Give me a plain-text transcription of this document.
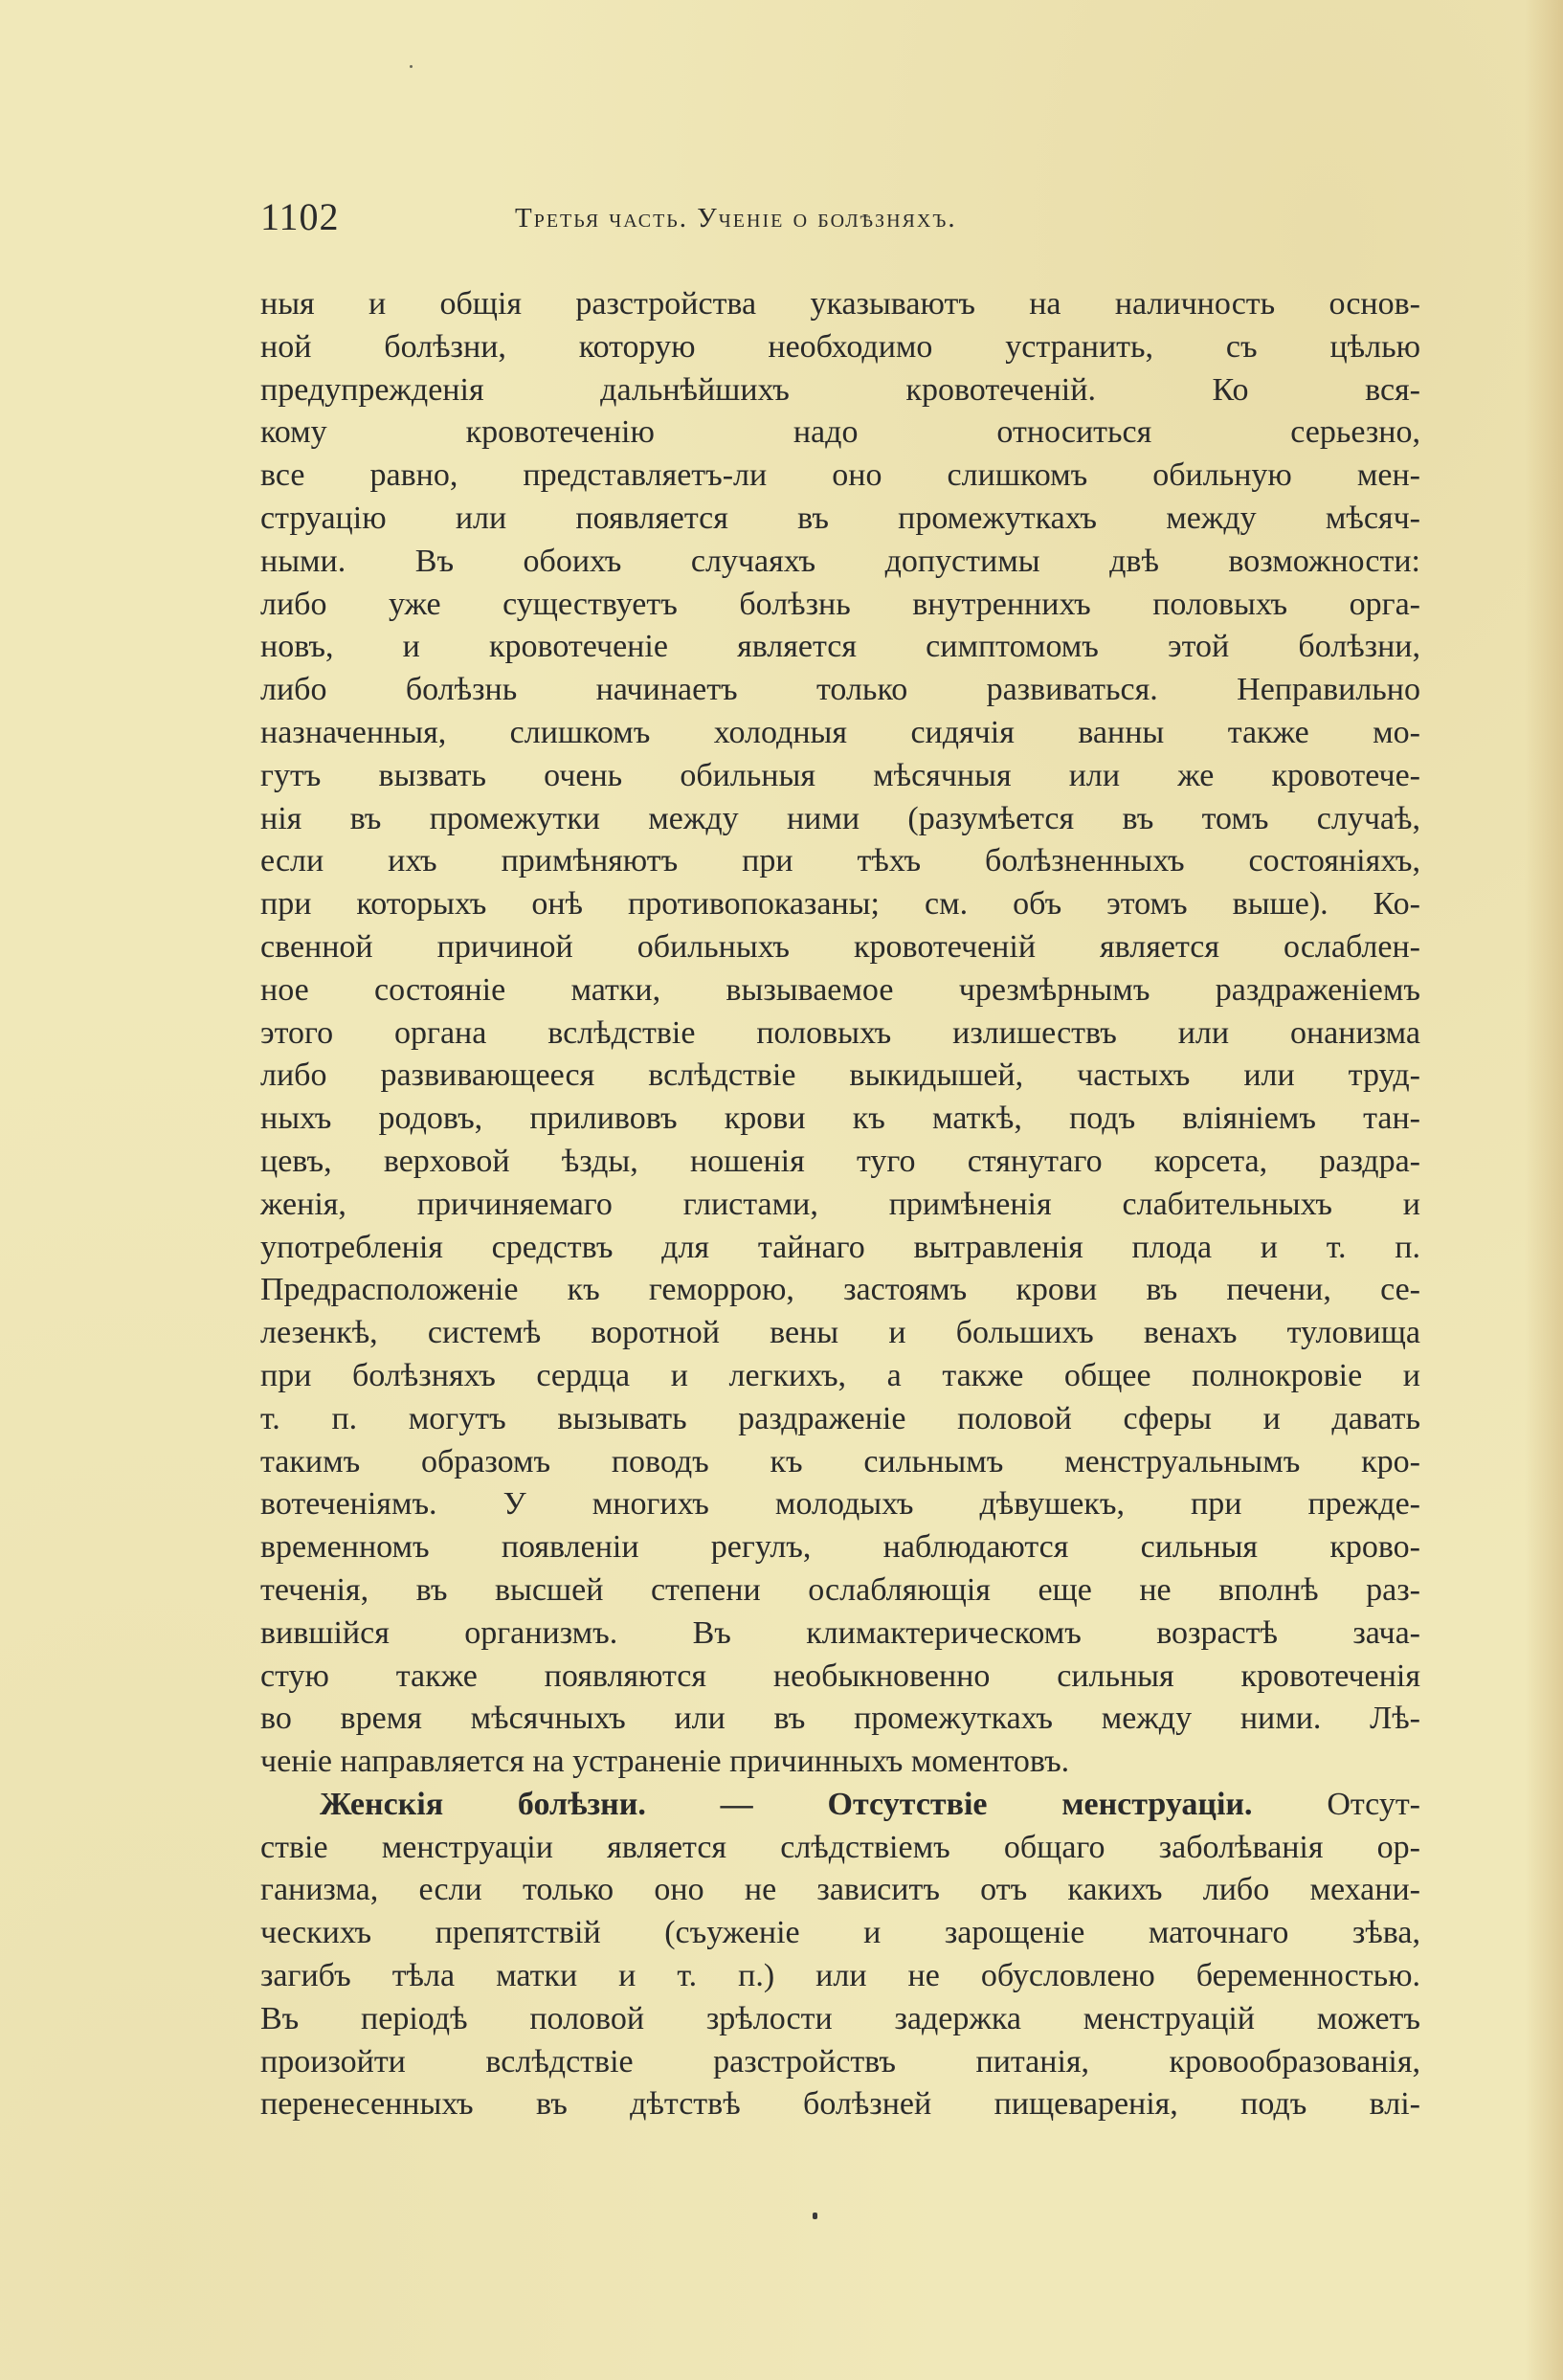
1102	Третья часть. Ученіе о болѣзняхъ.
ныя и общія разстройства указываютъ на наличность основ-
ной болѣзни, которую необходимо устранить, съ цѣлью
предупрежденія дальнѣйшихъ кровотеченій. Ко вся-
кому кровотеченію надо относиться серьезно,
все равно, представляетъ-ли оно слишкомъ обильную мен-
струацію или появляется въ промежуткахъ между мѣсяч-
ными. Въ обоихъ случаяхъ допустимы двѣ возможности:
либо уже существуетъ болѣзнь внутреннихъ половыхъ орга-
новъ, и кровотеченіе является симптомомъ этой болѣзни,
либо болѣзнь начинаетъ только развиваться. Неправильно
назначенныя, слишкомъ холодныя сидячія ванны также мо-
гутъ вызвать очень обильныя мѣсячныя или же кровотече-
нія въ промежутки между ними (разумѣется въ томъ случаѣ,
если ихъ примѣняютъ при тѣхъ болѣзненныхъ состояніяхъ,
при которыхъ онѣ противопоказаны; см. объ этомъ выше). Ко-
свенной причиной обильныхъ кровотеченій является ослаблен-
ное состояніе матки, вызываемое чрезмѣрнымъ раздраженіемъ
этого органа вслѣдствіе половыхъ излишествъ или онанизма
либо развивающееся вслѣдствіе выкидышей, частыхъ или труд-
ныхъ родовъ, приливовъ крови къ маткѣ, подъ вліяніемъ тан-
цевъ, верховой ѣзды, ношенія туго стянутаго корсета, раздра-
женія, причиняемаго глистами, примѣненія слабительныхъ и
употребленія средствъ для тайнаго вытравленія плода и т. п.
Предрасположеніе къ геморрою, застоямъ крови въ печени, се-
лезенкѣ, системѣ воротной вены и большихъ венахъ туловища
при болѣзняхъ сердца и легкихъ, а также общее полнокровіе и
т. п. могутъ вызывать раздраженіе половой сферы и давать
такимъ образомъ поводъ къ сильнымъ менструальнымъ кро-
вотеченіямъ. У многихъ молодыхъ дѣвушекъ, при прежде-
временномъ появленіи регулъ, наблюдаются сильныя крово-
теченія, въ высшей степени ослабляющія еще не вполнѣ раз-
вившійся организмъ. Въ климактерическомъ возрастѣ зача-
стую также появляются необыкновенно сильныя кровотеченія
во время мѣсячныхъ или въ промежуткахъ между ними. Лѣ-
ченіе направляется на устраненіе причинныхъ моментовъ.
Женскія болѣзни. — Отсутствіе менструаціи. Отсут-
ствіе менструаціи является слѣдствіемъ общаго заболѣванія ор-
ганизма, если только оно не зависитъ отъ какихъ либо механи-
ческихъ препятствій (съуженіе и зарощеніе маточнаго зѣва,
загибъ тѣла матки и т. п.) или не обусловлено беременностью.
Въ періодѣ половой зрѣлости задержка менструацій можетъ
произойти вслѣдствіе разстройствъ питанія, кровообразованія,
перенесенныхъ въ дѣтствѣ болѣзней пищеваренія, подъ влі-
